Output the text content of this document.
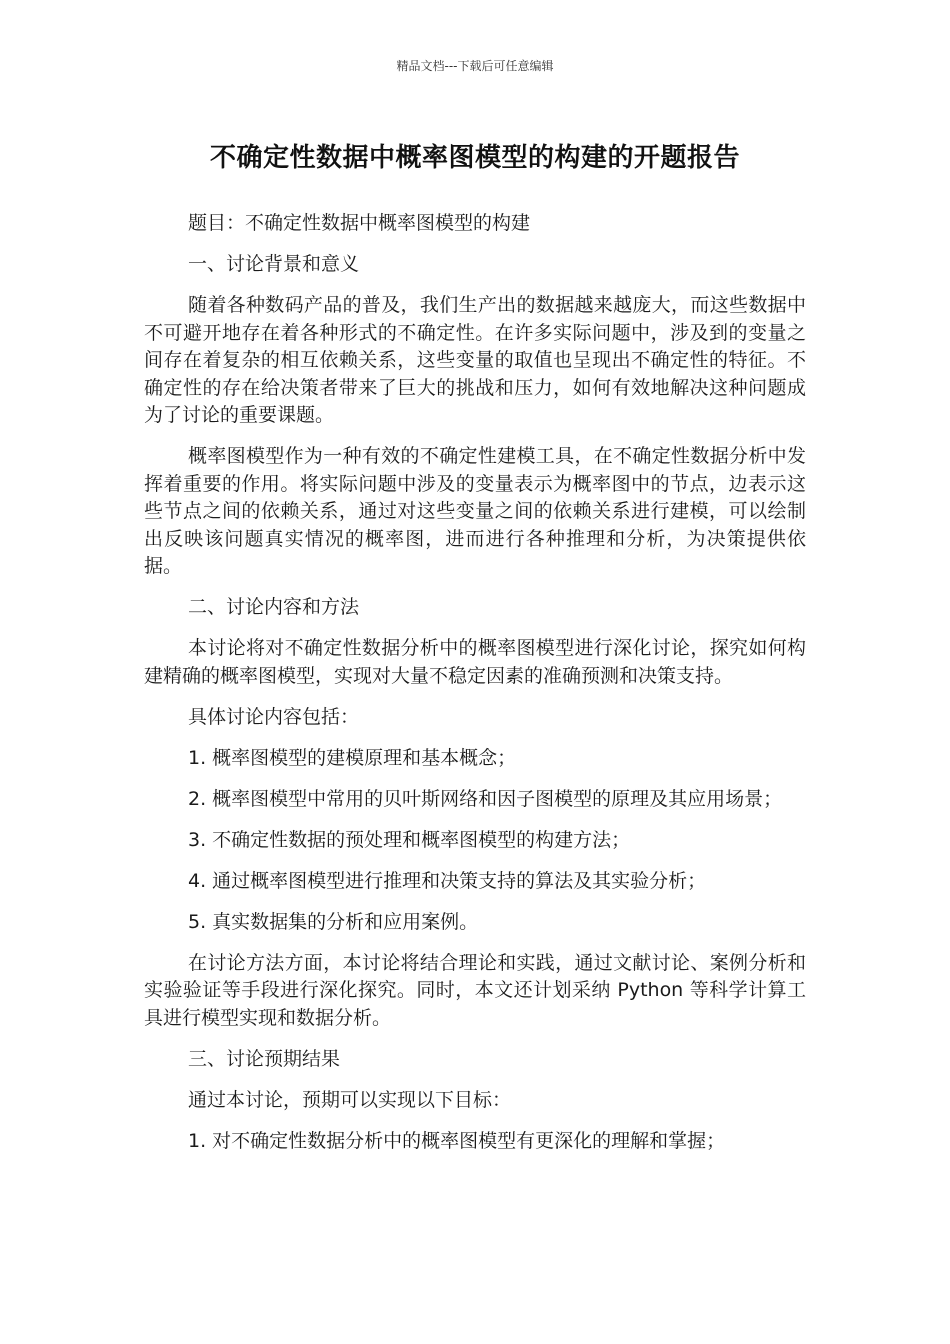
精品文档---下载后可任意编辑
不确定性数据中概率图模型的构建的开题报告

题目：不确定性数据中概率图模型的构建

一、讨论背景和意义

随着各种数码产品的普及，我们生产出的数据越来越庞大，而这些数据中不可避开地存在着各种形式的不确定性。在许多实际问题中，涉及到的变量之间存在着复杂的相互依赖关系，这些变量的取值也呈现出不确定性的特征。不确定性的存在给决策者带来了巨大的挑战和压力，如何有效地解决这种问题成为了讨论的重要课题。

概率图模型作为一种有效的不确定性建模工具，在不确定性数据分析中发挥着重要的作用。将实际问题中涉及的变量表示为概率图中的节点，边表示这些节点之间的依赖关系，通过对这些变量之间的依赖关系进行建模，可以绘制出反映该问题真实情况的概率图，进而进行各种推理和分析，为决策提供依据。

二、讨论内容和方法

本讨论将对不确定性数据分析中的概率图模型进行深化讨论，探究如何构建精确的概率图模型，实现对大量不稳定因素的准确预测和决策支持。

具体讨论内容包括：

1. 概率图模型的建模原理和基本概念；

2. 概率图模型中常用的贝叶斯网络和因子图模型的原理及其应用场景；

3. 不确定性数据的预处理和概率图模型的构建方法；

4. 通过概率图模型进行推理和决策支持的算法及其实验分析；

5. 真实数据集的分析和应用案例。

在讨论方法方面，本讨论将结合理论和实践，通过文献讨论、案例分析和实验验证等手段进行深化探究。同时，本文还计划采纳 Python 等科学计算工具进行模型实现和数据分析。

三、讨论预期结果

通过本讨论，预期可以实现以下目标：

1. 对不确定性数据分析中的概率图模型有更深化的理解和掌握；
